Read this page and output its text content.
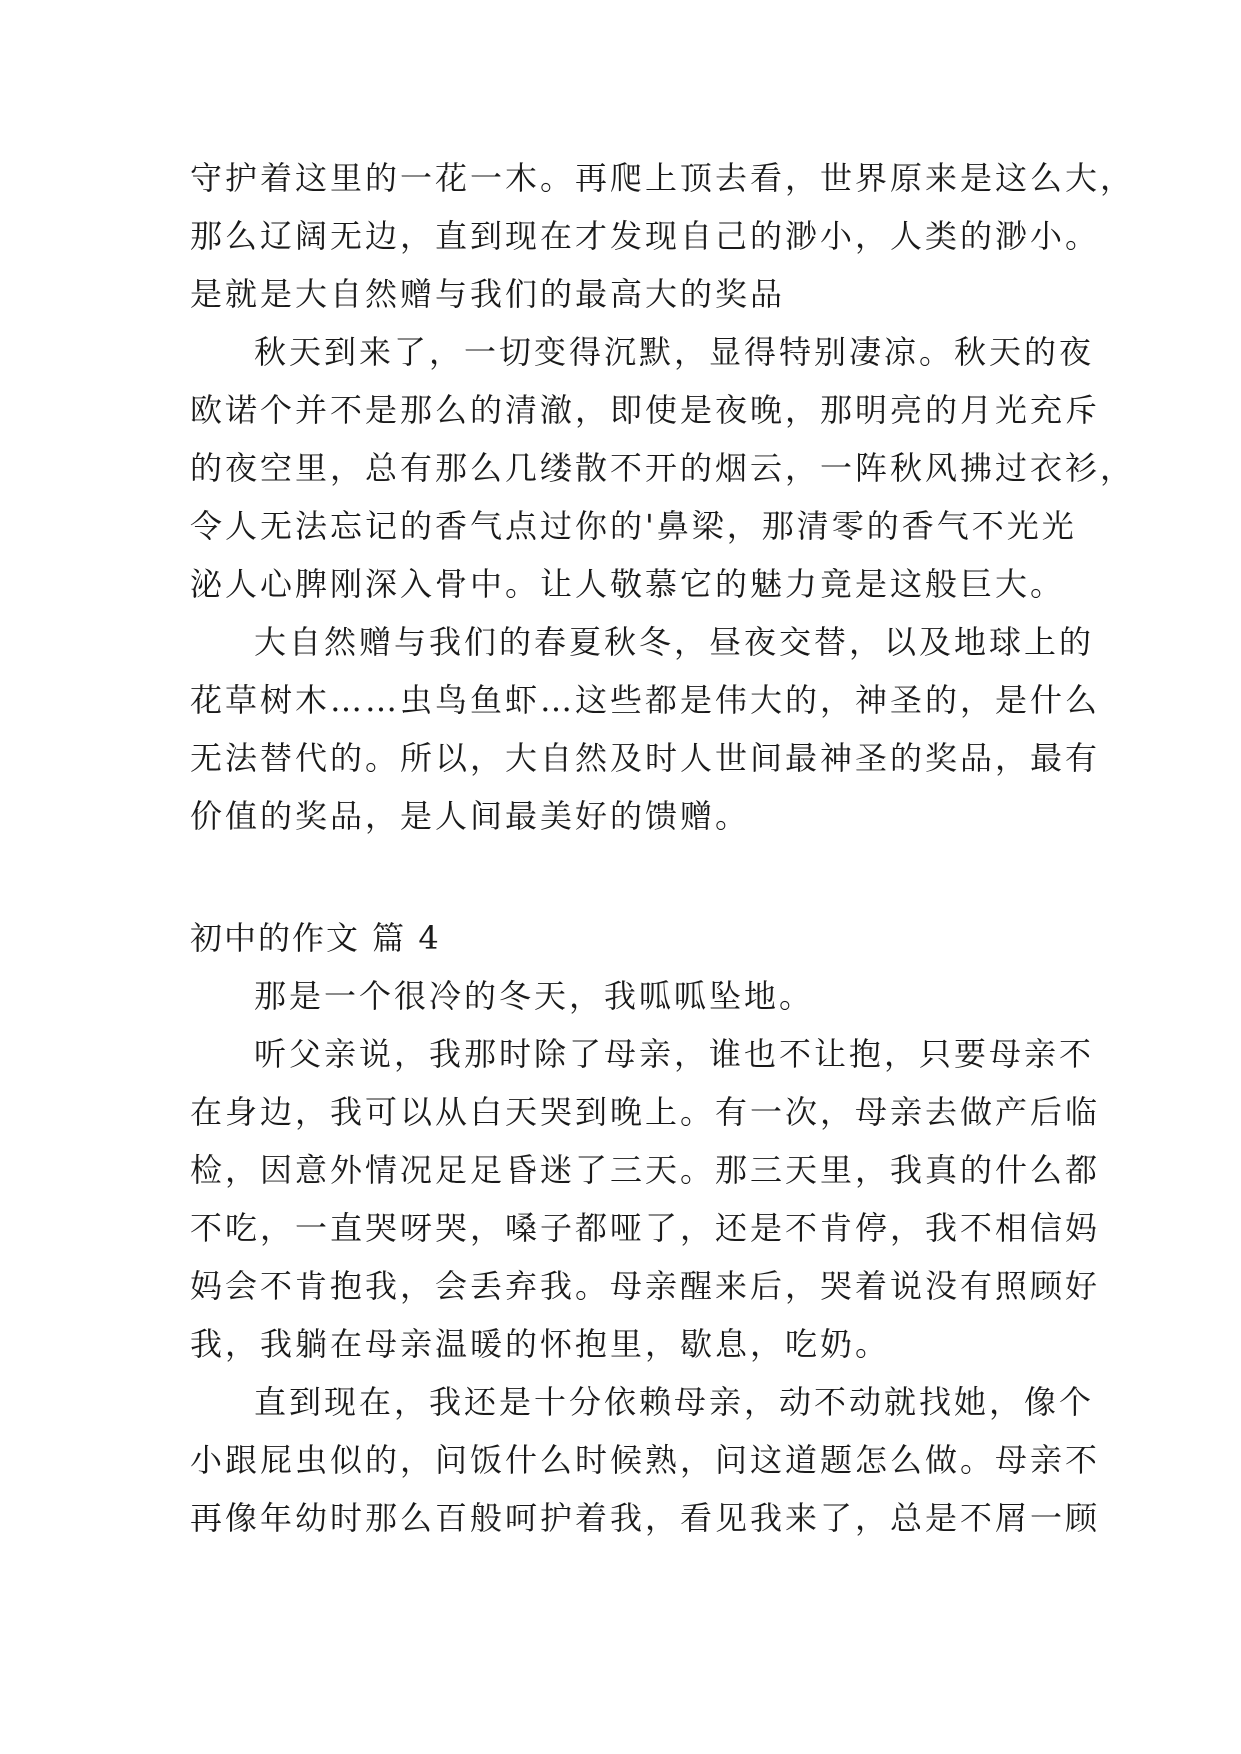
守护着这里的一花一木。再爬上顶去看，世界原来是这么大，
那么辽阔无边，直到现在才发现自己的渺小，人类的渺小。
是就是大自然赠与我们的最高大的奖品
秋天到来了，一切变得沉默，显得特别凄凉。秋天的夜
欧诺个并不是那么的清澈，即使是夜晚，那明亮的月光充斥
的夜空里，总有那么几缕散不开的烟云，一阵秋风拂过衣衫，
令人无法忘记的香气点过你的'鼻梁，那清零的香气不光光
泌人心脾刚深入骨中。让人敬慕它的魅力竟是这般巨大。
大自然赠与我们的春夏秋冬，昼夜交替，以及地球上的
花草树木……虫鸟鱼虾…这些都是伟大的，神圣的，是什么
无法替代的。所以，大自然及时人世间最神圣的奖品，最有
价值的奖品，是人间最美好的馈赠。
初中的作文 篇 4
那是一个很冷的冬天，我呱呱坠地。
听父亲说，我那时除了母亲，谁也不让抱，只要母亲不
在身边，我可以从白天哭到晚上。有一次，母亲去做产后临
检，因意外情况足足昏迷了三天。那三天里，我真的什么都
不吃，一直哭呀哭，嗓子都哑了，还是不肯停，我不相信妈
妈会不肯抱我，会丢弃我。母亲醒来后，哭着说没有照顾好
我，我躺在母亲温暖的怀抱里，歇息，吃奶。
直到现在，我还是十分依赖母亲，动不动就找她，像个
小跟屁虫似的，问饭什么时候熟，问这道题怎么做。母亲不
再像年幼时那么百般呵护着我，看见我来了，总是不屑一顾
